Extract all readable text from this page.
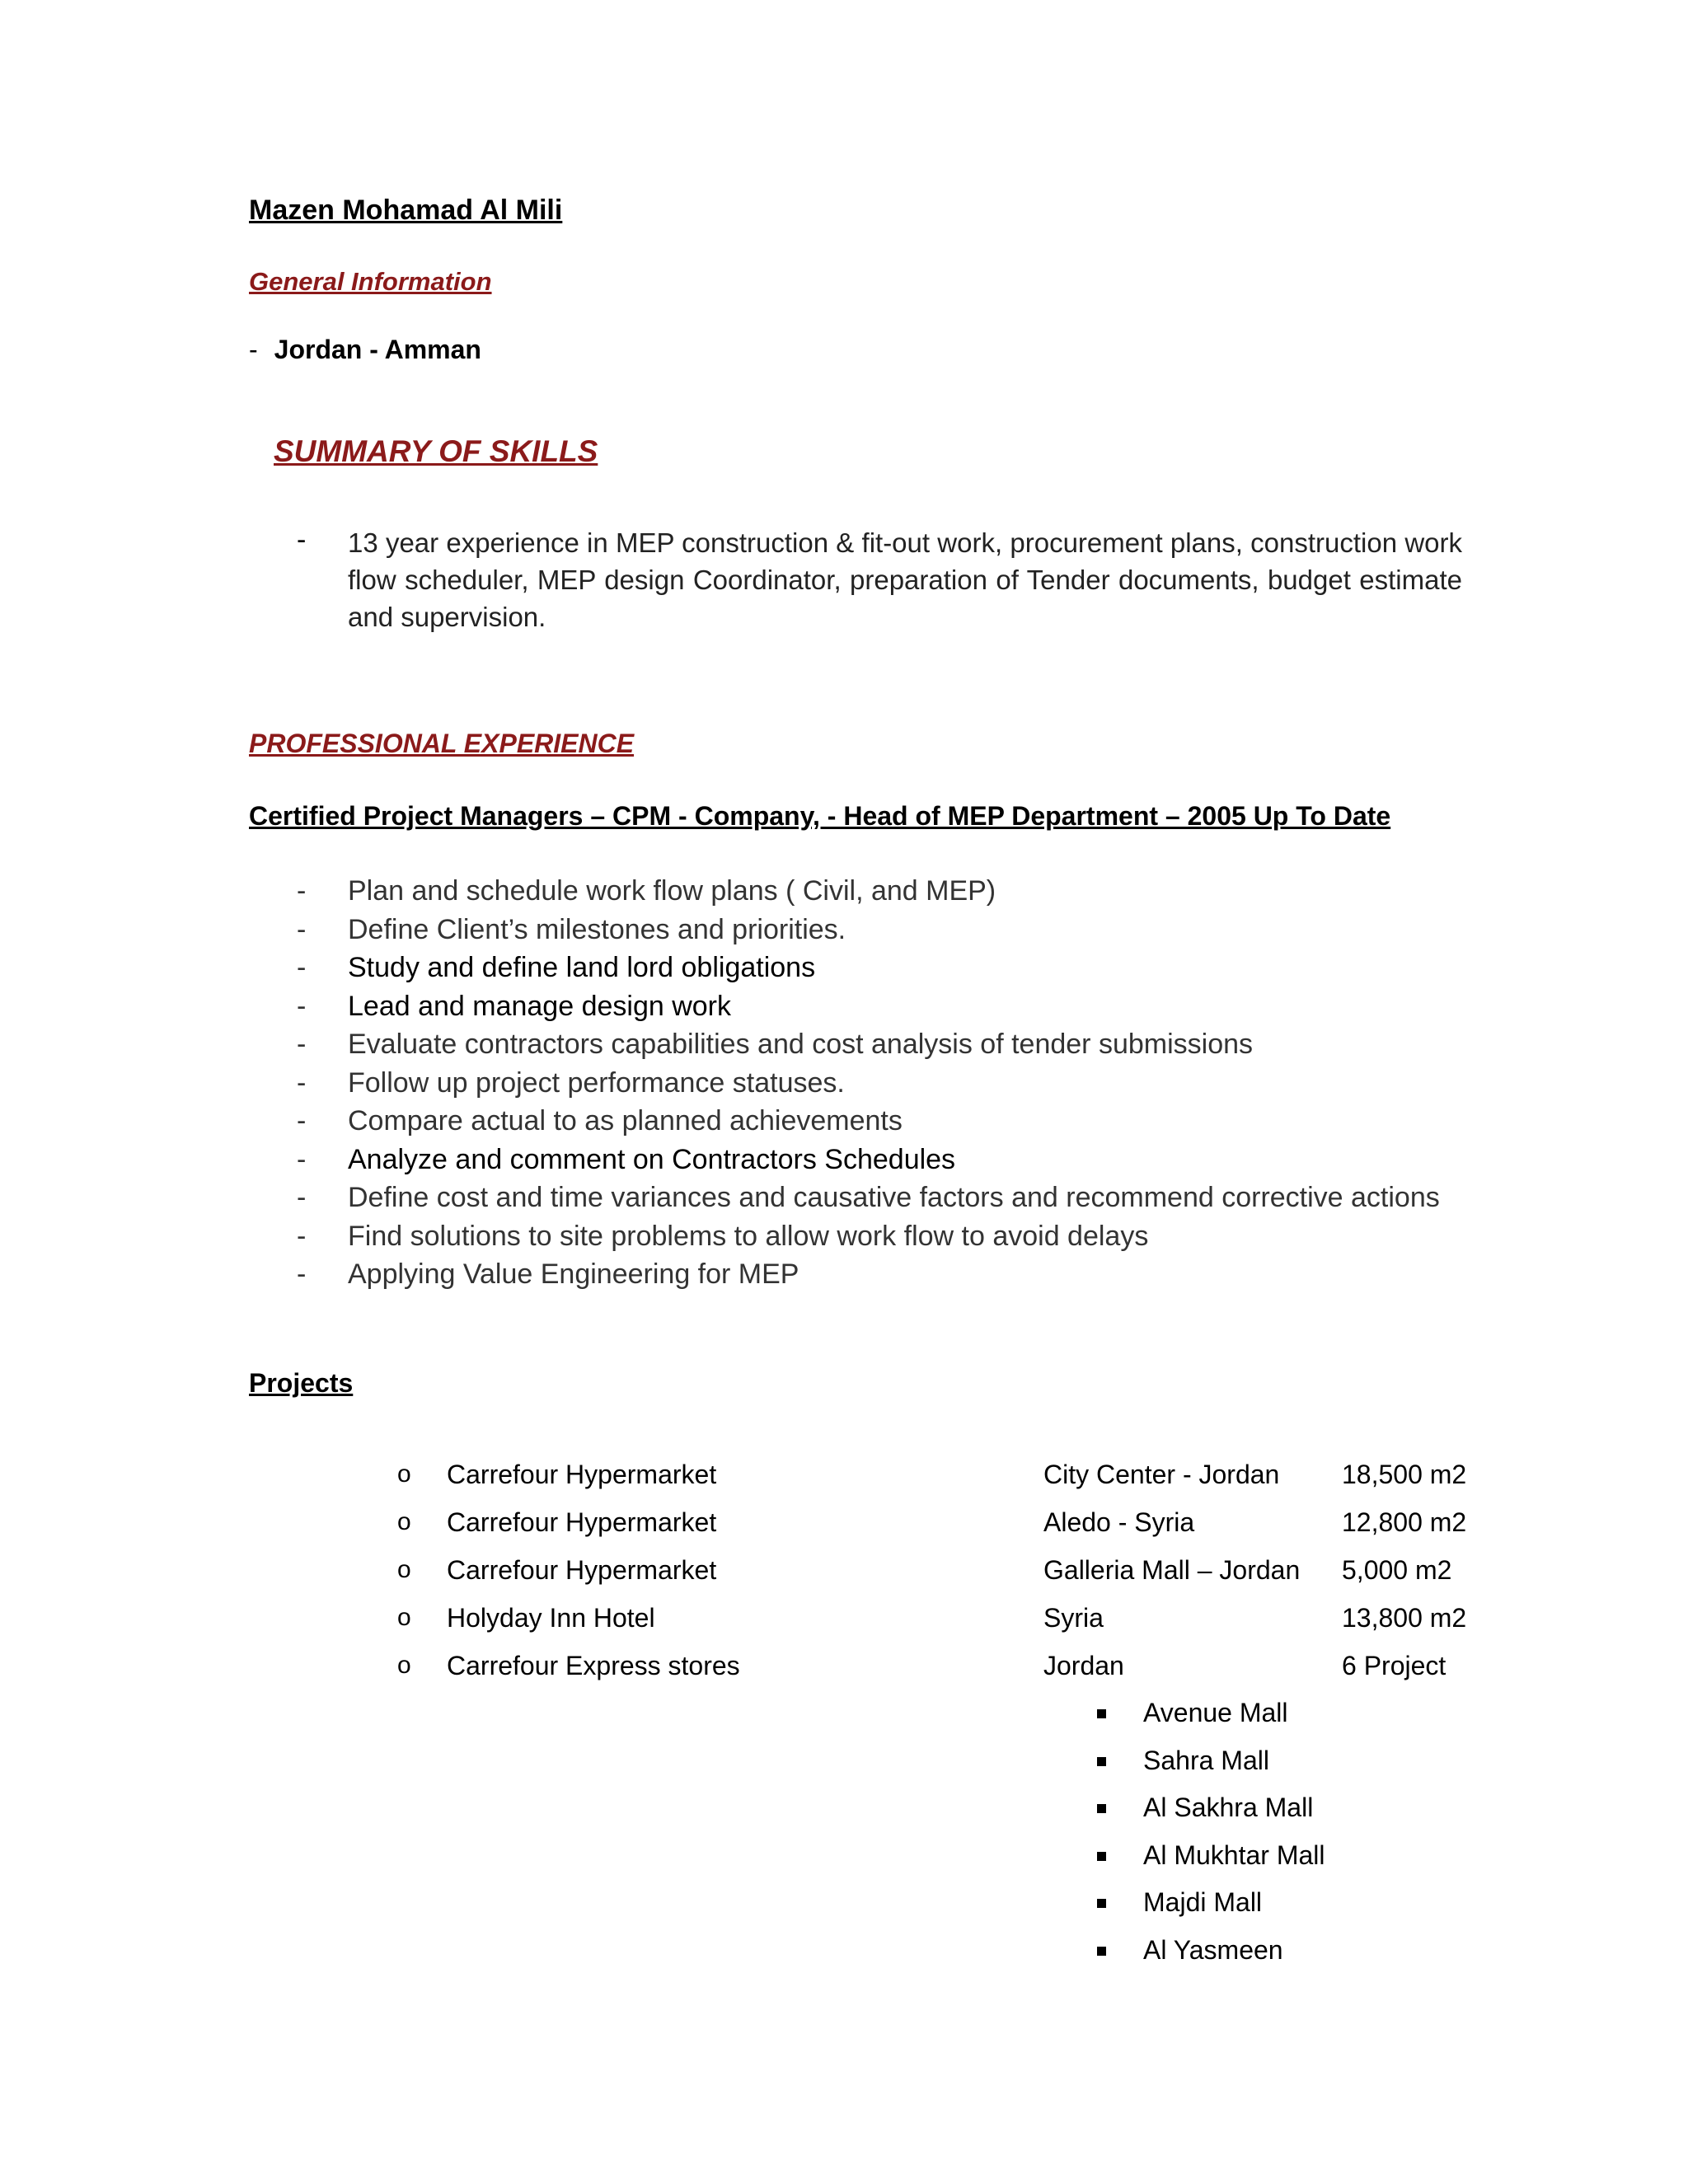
Mazen Mohamad Al Mili
General Information
- Jordan - Amman
SUMMARY OF SKILLS
- 13 year experience in MEP construction & fit-out work, procurement plans, construction work flow scheduler, MEP design Coordinator, preparation of Tender documents, budget estimate and supervision.
PROFESSIONAL EXPERIENCE
Certified Project Managers – CPM - Company, - Head of MEP Department – 2005 Up To Date
- Plan and schedule work flow plans ( Civil, and MEP)
- Define Client’s milestones and priorities.
- Study and define land lord obligations
- Lead and manage design work
- Evaluate contractors capabilities and cost analysis of tender submissions
- Follow up project performance statuses.
- Compare actual to as planned achievements
- Analyze and comment on Contractors Schedules
- Define cost and time variances and causative factors and recommend corrective actions
- Find solutions to site problems to allow work flow to avoid delays
- Applying Value Engineering for MEP
Projects
o Carrefour Hypermarket	City Center - Jordan 18,500 m2
o Carrefour Hypermarket	Aledo - Syria	12,800 m2
o Carrefour Hypermarket	Galleria Mall – Jordan 5,000 m2
o Holyday Inn Hotel	Syria	13,800 m2
o Carrefour Express stores	Jordan	6 Project
Avenue Mall
Sahra Mall
Al Sakhra Mall
Al Mukhtar Mall
Majdi Mall
Al Yasmeen
